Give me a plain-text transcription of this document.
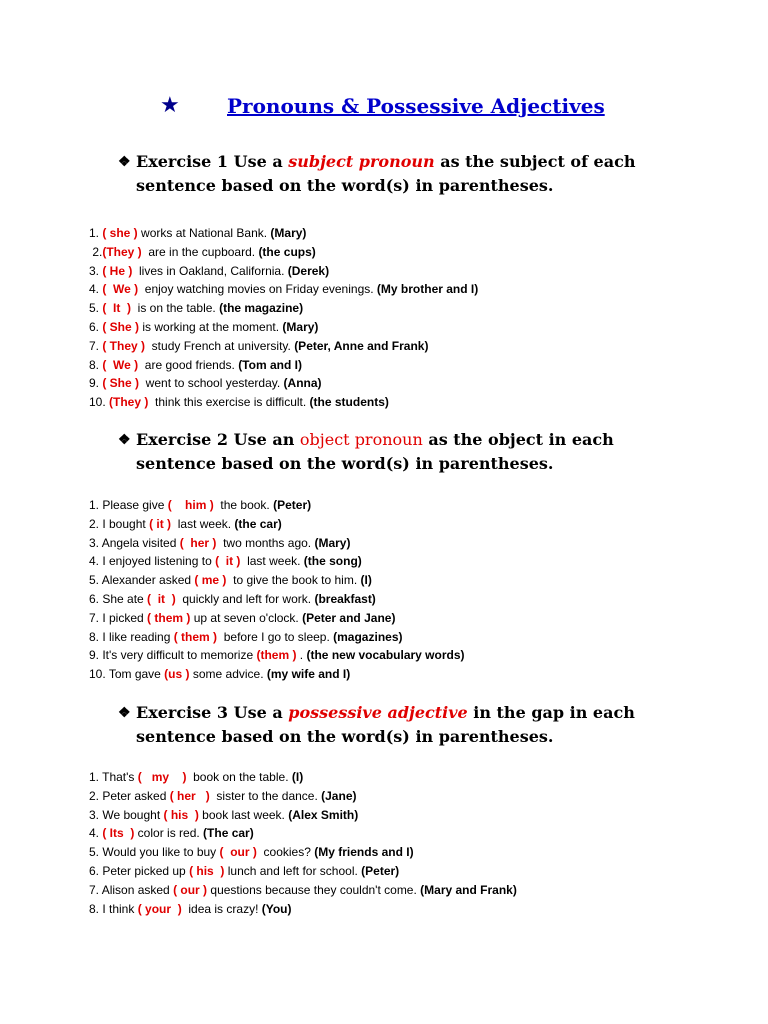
★ Pronouns & Possessive Adjectives
❖ Exercise 1 Use a subject pronoun as the subject of each
sentence based on the word(s) in parentheses.
1. ( she ) works at National Bank. (Mary)
2.(They )  are in the cupboard. (the cups)
3. ( He )  lives in Oakland, California. (Derek)
4. (  We )  enjoy watching movies on Friday evenings. (My brother and I)
5. (  It  )  is on the table. (the magazine)
6. ( She ) is working at the moment. (Mary)
7. ( They )  study French at university. (Peter, Anne and Frank)
8. (  We )  are good friends. (Tom and I)
9. ( She )  went to school yesterday. (Anna)
10. (They )  think this exercise is difficult. (the students)
❖ Exercise 2 Use an object pronoun as the object in each
sentence based on the word(s) in parentheses.
1. Please give (    him )  the book. (Peter)
2. I bought ( it )  last week. (the car)
3. Angela visited (  her )  two months ago. (Mary)
4. I enjoyed listening to (  it )  last week. (the song)
5. Alexander asked ( me )  to give the book to him. (I)
6. She ate (  it  )  quickly and left for work. (breakfast)
7. I picked ( them ) up at seven o'clock. (Peter and Jane)
8. I like reading ( them )  before I go to sleep. (magazines)
9. It's very difficult to memorize (them ) . (the new vocabulary words)
10. Tom gave (us ) some advice. (my wife and I)
❖ Exercise 3 Use a possessive adjective in the gap in each
sentence based on the word(s) in parentheses.
1. That's (   my    )  book on the table. (I)
2. Peter asked ( her   )  sister to the dance. (Jane)
3. We bought ( his  ) book last week. (Alex Smith)
4. ( Its  ) color is red. (The car)
5. Would you like to buy (  our )  cookies? (My friends and I)
6. Peter picked up ( his  ) lunch and left for school. (Peter)
7. Alison asked ( our ) questions because they couldn't come. (Mary and Frank)
8. I think ( your  )  idea is crazy! (You)
